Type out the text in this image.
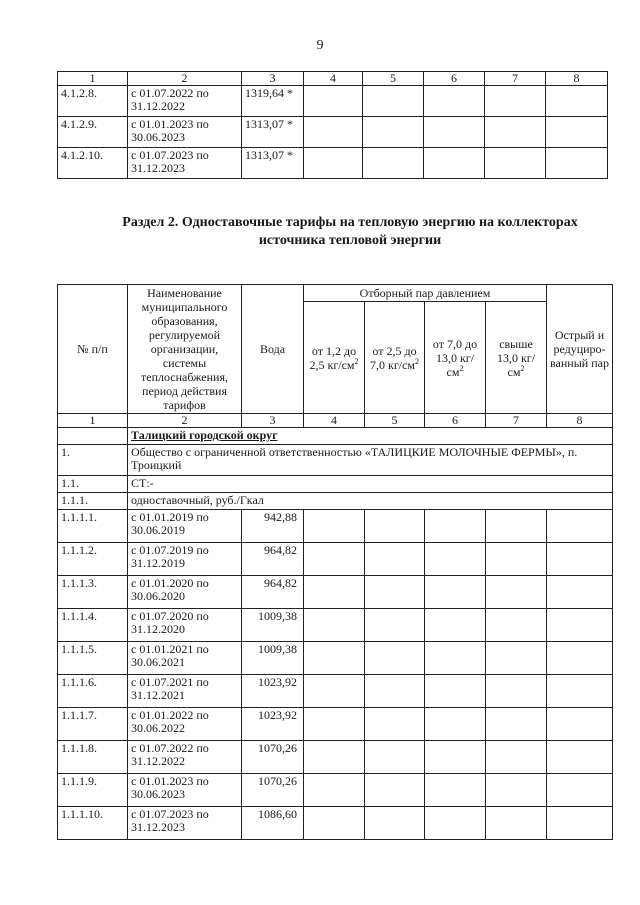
9
1	2	3	4	5	6	7	8
4.1.2.8.	с 01.07.2022 по 31.12.2022	1319,64 *					
4.1.2.9.	с 01.01.2023 по 30.06.2023	1313,07 *					
4.1.2.10.	с 01.07.2023 по 31.12.2023	1313,07 *					
Раздел 2. Одноставочные тарифы на тепловую энергию на коллекторах источника тепловой энергии
№ п/п	Наименование муниципального образования, регулируемой организации, системы теплоснабжения, период действия тарифов	Вода	Отборный пар давлением				Острый и редуциро-ванный пар
			от 1,2 до 2,5 $кг/см^2$	от 2,5 до 7,0 $кг/см^2$	от 7,0 до 13,0 $кг/см^2$	свыше 13,0 $кг/см^2$
1	2	3	4	5	6	7	8
	Талицкий городской округ						
1.	Общество с ограниченной ответственностью «ТАЛИЦКИЕ МОЛОЧНЫЕ ФЕРМЫ», п. Троицкий						
1.1.	СТ:-						
1.1.1.	одноставочный, руб./Гкал						
1.1.1.1.	с 01.01.2019 по 30.06.2019	942,88					
1.1.1.2.	с 01.07.2019 по 31.12.2019	964,82					
1.1.1.3.	с 01.01.2020 по 30.06.2020	964,82					
1.1.1.4.	с 01.07.2020 по 31.12.2020	1009,38					
1.1.1.5.	с 01.01.2021 по 30.06.2021	1009,38					
1.1.1.6.	с 01.07.2021 по 31.12.2021	1023,92					
1.1.1.7.	с 01.01.2022 по 30.06.2022	1023,92					
1.1.1.8.	с 01.07.2022 по 31.12.2022	1070,26					
1.1.1.9.	с 01.01.2023 по 30.06.2023	1070,26					
1.1.1.10.	с 01.07.2023 по 31.12.2023	1086,60					
